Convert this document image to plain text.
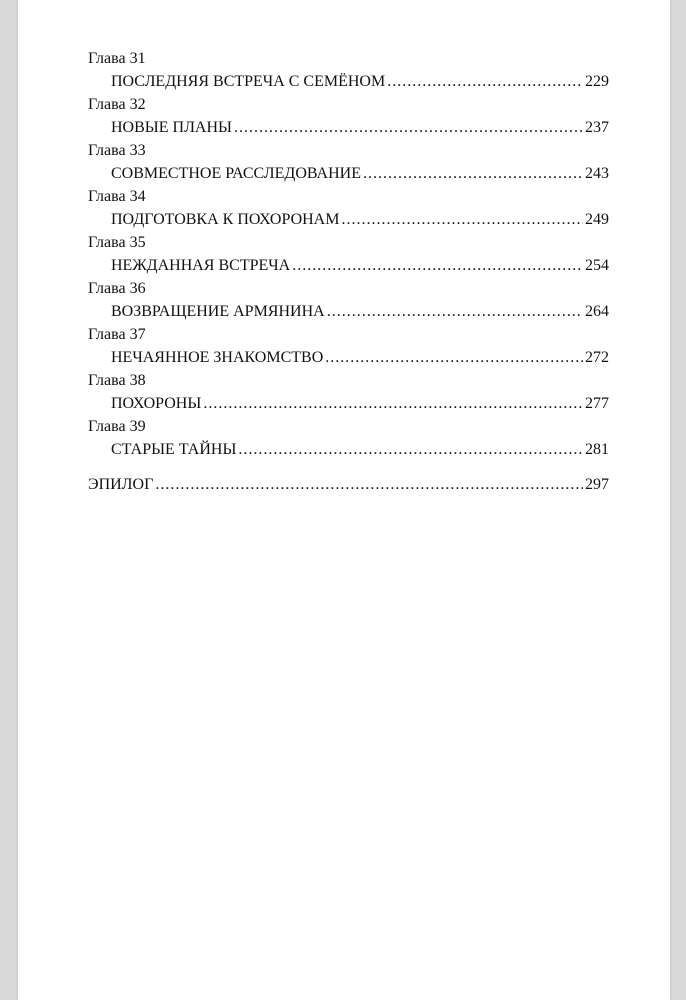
Глава 31
ПОСЛЕДНЯЯ ВСТРЕЧА С СЕМЁНОМ .....	229
Глава 32
НОВЫЕ ПЛАНЫ .....	237
Глава 33
СОВМЕСТНОЕ РАССЛЕДОВАНИЕ .....	243
Глава 34
ПОДГОТОВКА К ПОХОРОНАМ .....	249
Глава 35
НЕЖДАННАЯ ВСТРЕЧА .....	254
Глава 36
ВОЗВРАЩЕНИЕ АРМЯНИНА .....	264
Глава 37
НЕЧАЯННОЕ ЗНАКОМСТВО .....	272
Глава 38
ПОХОРОНЫ .....	277
Глава 39
СТАРЫЕ ТАЙНЫ .....	281
ЭПИЛОГ .....	297
